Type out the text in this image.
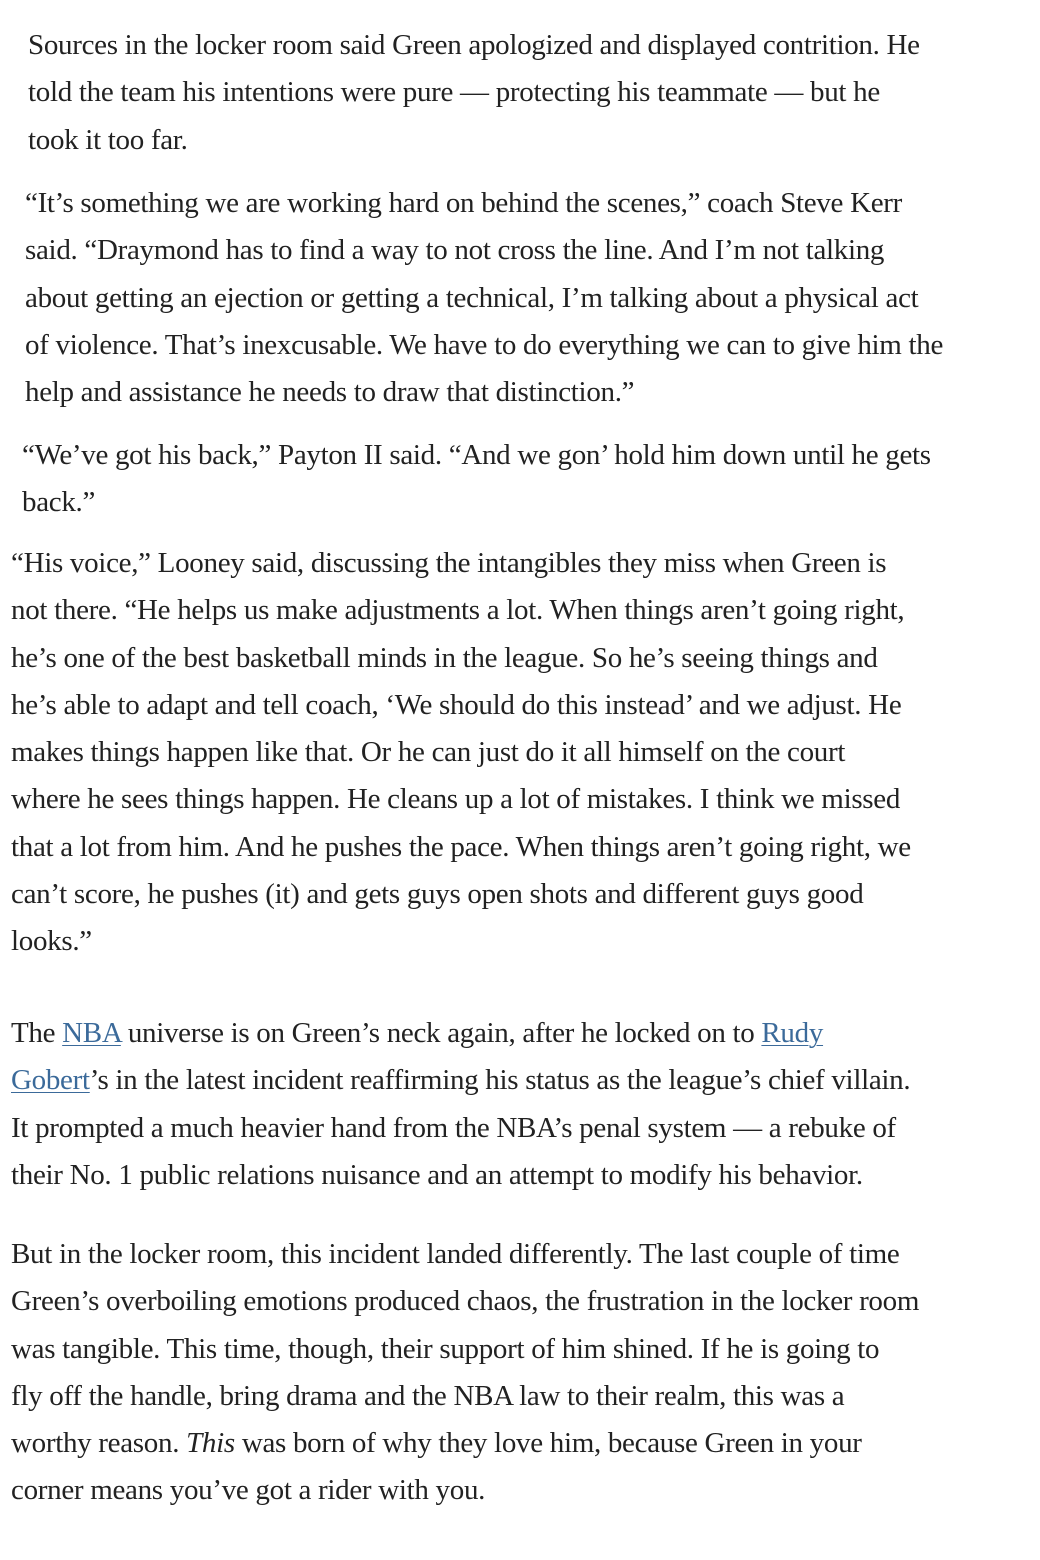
Sources in the locker room said Green apologized and displayed contrition. He
told the team his intentions were pure — protecting his teammate — but he
took it too far.

“It’s something we are working hard on behind the scenes,” coach Steve Kerr
said. “Draymond has to find a way to not cross the line. And I’m not talking
about getting an ejection or getting a technical, I’m talking about a physical act
of violence. That’s inexcusable. We have to do everything we can to give him the
help and assistance he needs to draw that distinction.”

“We’ve got his back,” Payton II said. “And we gon’ hold him down until he gets
back.”

“His voice,” Looney said, discussing the intangibles they miss when Green is
not there. “He helps us make adjustments a lot. When things aren’t going right,
he’s one of the best basketball minds in the league. So he’s seeing things and
he’s able to adapt and tell coach, ‘We should do this instead’ and we adjust. He
makes things happen like that. Or he can just do it all himself on the court
where he sees things happen. He cleans up a lot of mistakes. I think we missed
that a lot from him. And he pushes the pace. When things aren’t going right, we
can’t score, he pushes (it) and gets guys open shots and different guys good
looks.”

The NBA universe is on Green’s neck again, after he locked on to Rudy
Gobert’s in the latest incident reaffirming his status as the league’s chief villain.
It prompted a much heavier hand from the NBA’s penal system — a rebuke of
their No. 1 public relations nuisance and an attempt to modify his behavior.

But in the locker room, this incident landed differently. The last couple of time
Green’s overboiling emotions produced chaos, the frustration in the locker room
was tangible. This time, though, their support of him shined. If he is going to
fly off the handle, bring drama and the NBA law to their realm, this was a
worthy reason. This was born of why they love him, because Green in your
corner means you’ve got a rider with you.
